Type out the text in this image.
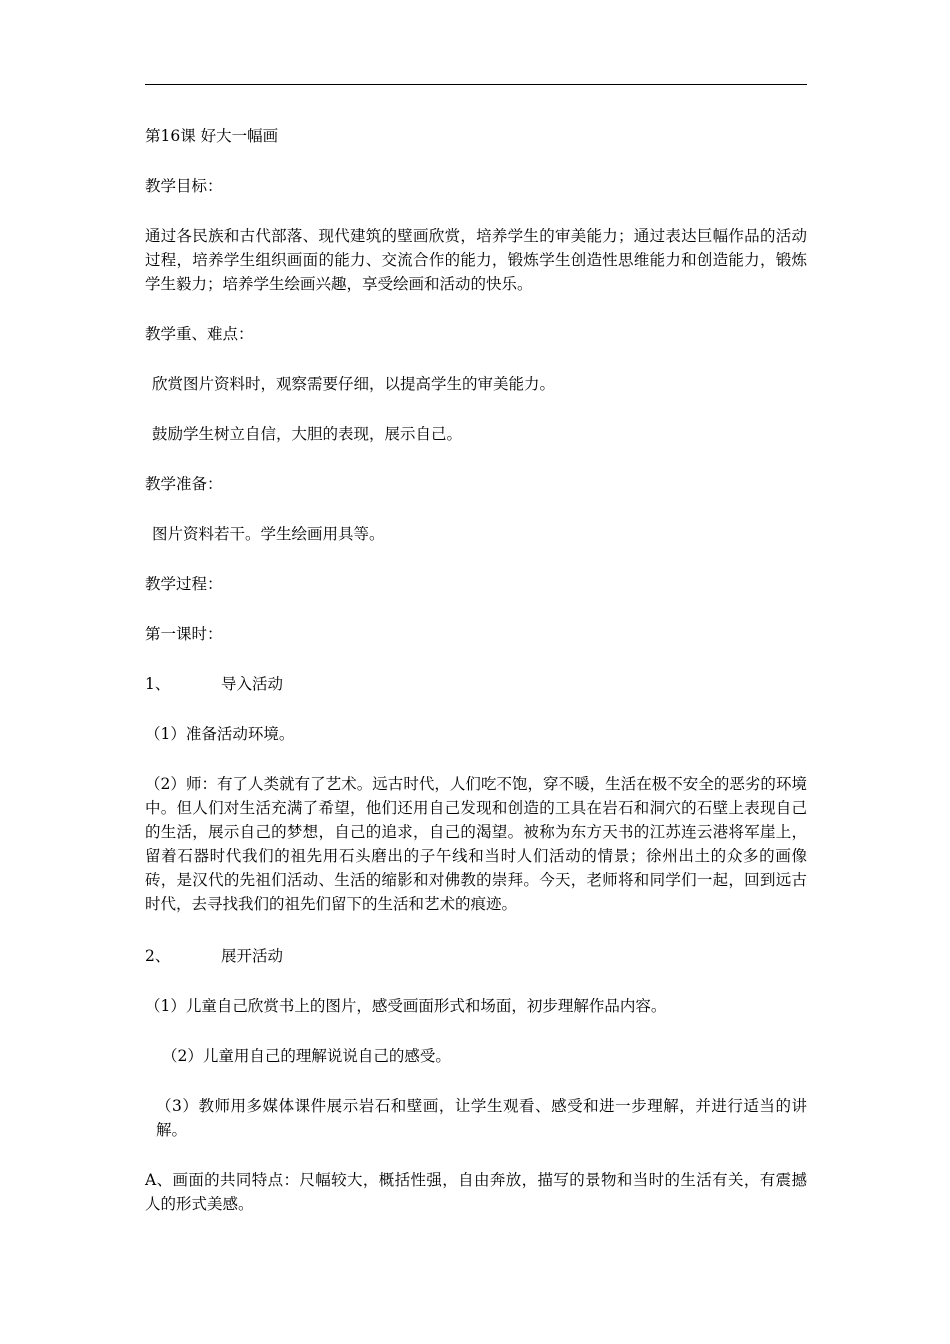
第16课 好大一幅画

教学目标：

通过各民族和古代部落、现代建筑的壁画欣赏，培养学生的审美能力；通过表达巨幅作品的活动过程，培养学生组织画面的能力、交流合作的能力，锻炼学生创造性思维能力和创造能力，锻炼学生毅力；培养学生绘画兴趣，享受绘画和活动的快乐。

教学重、难点：

欣赏图片资料时，观察需要仔细，以提高学生的审美能力。

鼓励学生树立自信，大胆的表现，展示自己。

教学准备：

图片资料若干。学生绘画用具等。

教学过程：

第一课时：

1、	导入活动

（1）准备活动环境。

（2）师：有了人类就有了艺术。远古时代，人们吃不饱，穿不暖，生活在极不安全的恶劣的环境中。但人们对生活充满了希望，他们还用自己发现和创造的工具在岩石和洞穴的石壁上表现自己的生活，展示自己的梦想，自己的追求，自己的渴望。被称为东方天书的江苏连云港将军崖上，留着石器时代我们的祖先用石头磨出的子午线和当时人们活动的情景；徐州出土的众多的画像砖，是汉代的先祖们活动、生活的缩影和对佛教的崇拜。今天，老师将和同学们一起，回到远古时代，去寻找我们的祖先们留下的生活和艺术的痕迹。

2、	展开活动

（1）儿童自己欣赏书上的图片，感受画面形式和场面，初步理解作品内容。

（2）儿童用自己的理解说说自己的感受。

（3）教师用多媒体课件展示岩石和壁画，让学生观看、感受和进一步理解，并进行适当的讲解。

A、画面的共同特点：尺幅较大，概括性强，自由奔放，描写的景物和当时的生活有关，有震撼人的形式美感。
